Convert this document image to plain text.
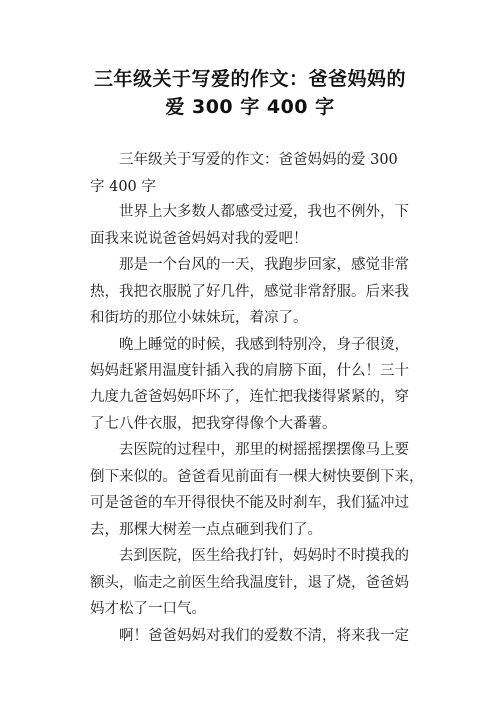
三年级关于写爱的作文：爸爸妈妈的
爱 300 字 400 字
　　三年级关于写爱的作文：爸爸妈妈的爱 300
字 400 字
　　世界上大多数人都感受过爱，我也不例外，下
面我来说说爸爸妈妈对我的爱吧！
　　那是一个台风的一天，我跑步回家，感觉非常
热，我把衣服脱了好几件，感觉非常舒服。后来我
和街坊的那位小妹妹玩，着凉了。
　　晚上睡觉的时候，我感到特别冷，身子很烫，
妈妈赶紧用温度针插入我的肩膀下面，什么！三十
九度九爸爸妈妈吓坏了，连忙把我搂得紧紧的，穿
了七八件衣服，把我穿得像个大番薯。
　　去医院的过程中，那里的树摇摇摆摆像马上要
倒下来似的。爸爸看见前面有一棵大树快要倒下来，
可是爸爸的车开得很快不能及时刹车，我们猛冲过
去，那棵大树差一点点砸到我们了。
　　去到医院，医生给我打针，妈妈时不时摸我的
额头，临走之前医生给我温度针，退了烧，爸爸妈
妈才松了一口气。
　　啊！爸爸妈妈对我们的爱数不清，将来我一定
